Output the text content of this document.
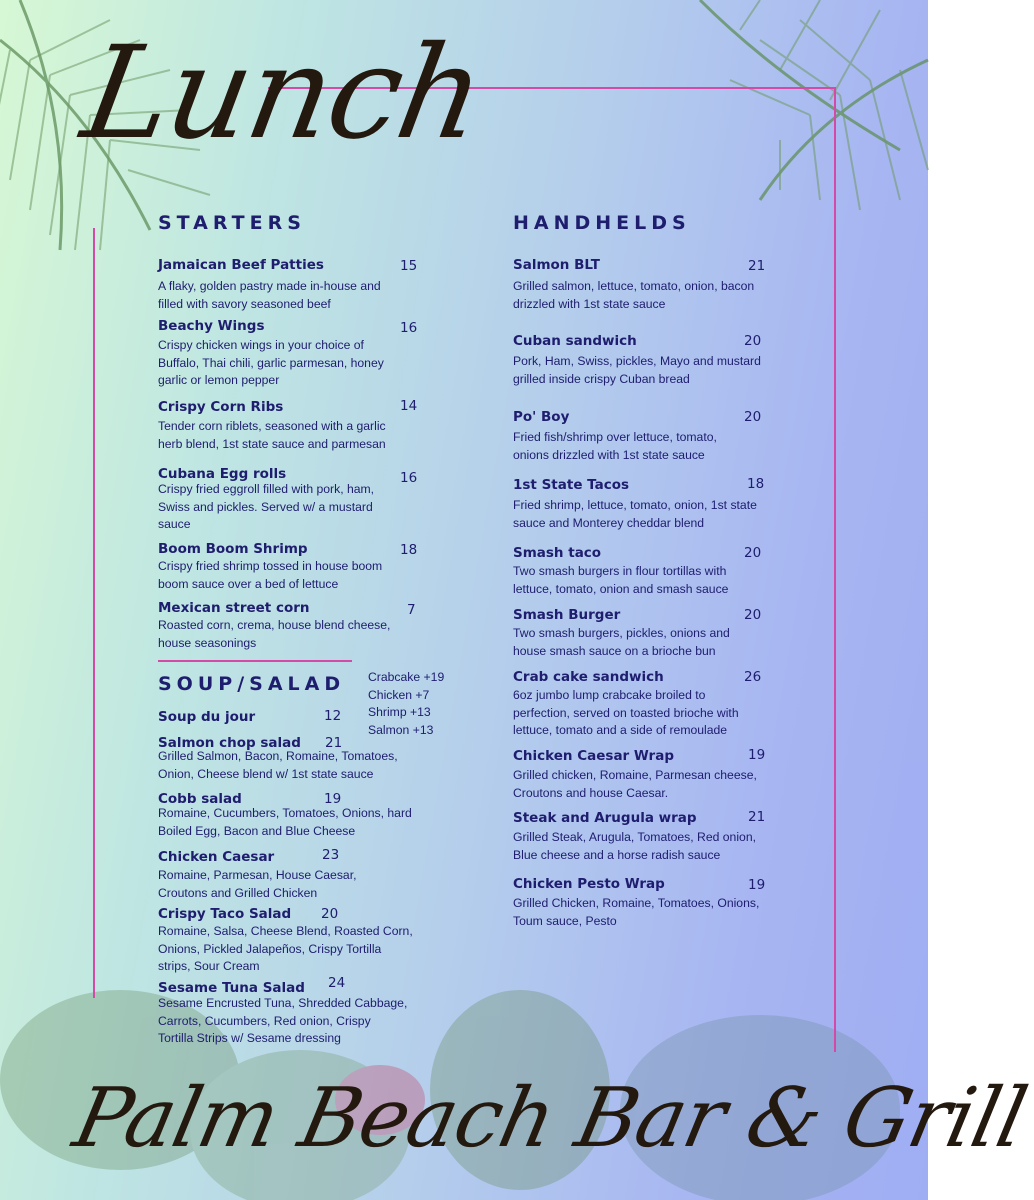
Lunch
STARTERS
Jamaican Beef Patties	15
A flaky, golden pastry made in-house and filled with savory seasoned beef
Beachy Wings	16
Crispy chicken wings in your choice of Buffalo, Thai chili, garlic parmesan, honey garlic or lemon pepper
Crispy Corn Ribs	14
Tender corn riblets, seasoned with a garlic herb blend, 1st state sauce and parmesan
Cubana Egg rolls	16
Crispy fried eggroll filled with pork, ham, Swiss and pickles. Served w/ a mustard sauce
Boom Boom Shrimp	18
Crispy fried shrimp tossed in house boom boom sauce over a bed of lettuce
Mexican street corn	7
Roasted corn, crema, house blend cheese, house seasonings
SOUP/SALAD Crabcake +19
Chicken +7
Shrimp +13
Salmon +13
Soup du jour	12
Salmon chop salad 21
Grilled Salmon, Bacon, Romaine, Tomatoes, Onion, Cheese blend w/ 1st state sauce
Cobb salad	19
Romaine, Cucumbers, Tomatoes, Onions, hard Boiled Egg, Bacon and Blue Cheese
Chicken Caesar	23
Romaine, Parmesan, House Caesar, Croutons and Grilled Chicken
Crispy Taco Salad 20
Romaine, Salsa, Cheese Blend, Roasted Corn, Onions, Pickled Jalapeños, Crispy Tortilla strips, Sour Cream
Sesame Tuna Salad 24
Sesame Encrusted Tuna, Shredded Cabbage, Carrots, Cucumbers, Red onion, Crispy Tortilla Strips w/ Sesame dressing
HANDHELDS
Salmon BLT	21
Grilled salmon, lettuce, tomato, onion, bacon drizzled with 1st state sauce
Cuban sandwich	20
Pork, Ham, Swiss, pickles, Mayo and mustard grilled inside crispy Cuban bread
Po' Boy	20
Fried fish/shrimp over lettuce, tomato, onions drizzled with 1st state sauce
1st State Tacos	18
Fried shrimp, lettuce, tomato, onion, 1st state sauce and Monterey cheddar blend
Smash taco	20
Two smash burgers in flour tortillas with lettuce, tomato, onion and smash sauce
Smash Burger	20
Two smash burgers, pickles, onions and house smash sauce on a brioche bun
Crab cake sandwich	26
6oz jumbo lump crabcake broiled to perfection, served on toasted brioche with lettuce, tomato and a side of remoulade
Chicken Caesar Wrap	19
Grilled chicken, Romaine, Parmesan cheese, Croutons and house Caesar.
Steak and Arugula wrap	21
Grilled Steak, Arugula, Tomatoes, Red onion, Blue cheese and a horse radish sauce
Chicken Pesto Wrap	19
Grilled Chicken, Romaine, Tomatoes, Onions, Toum sauce, Pesto
Palm Beach Bar & Grill
